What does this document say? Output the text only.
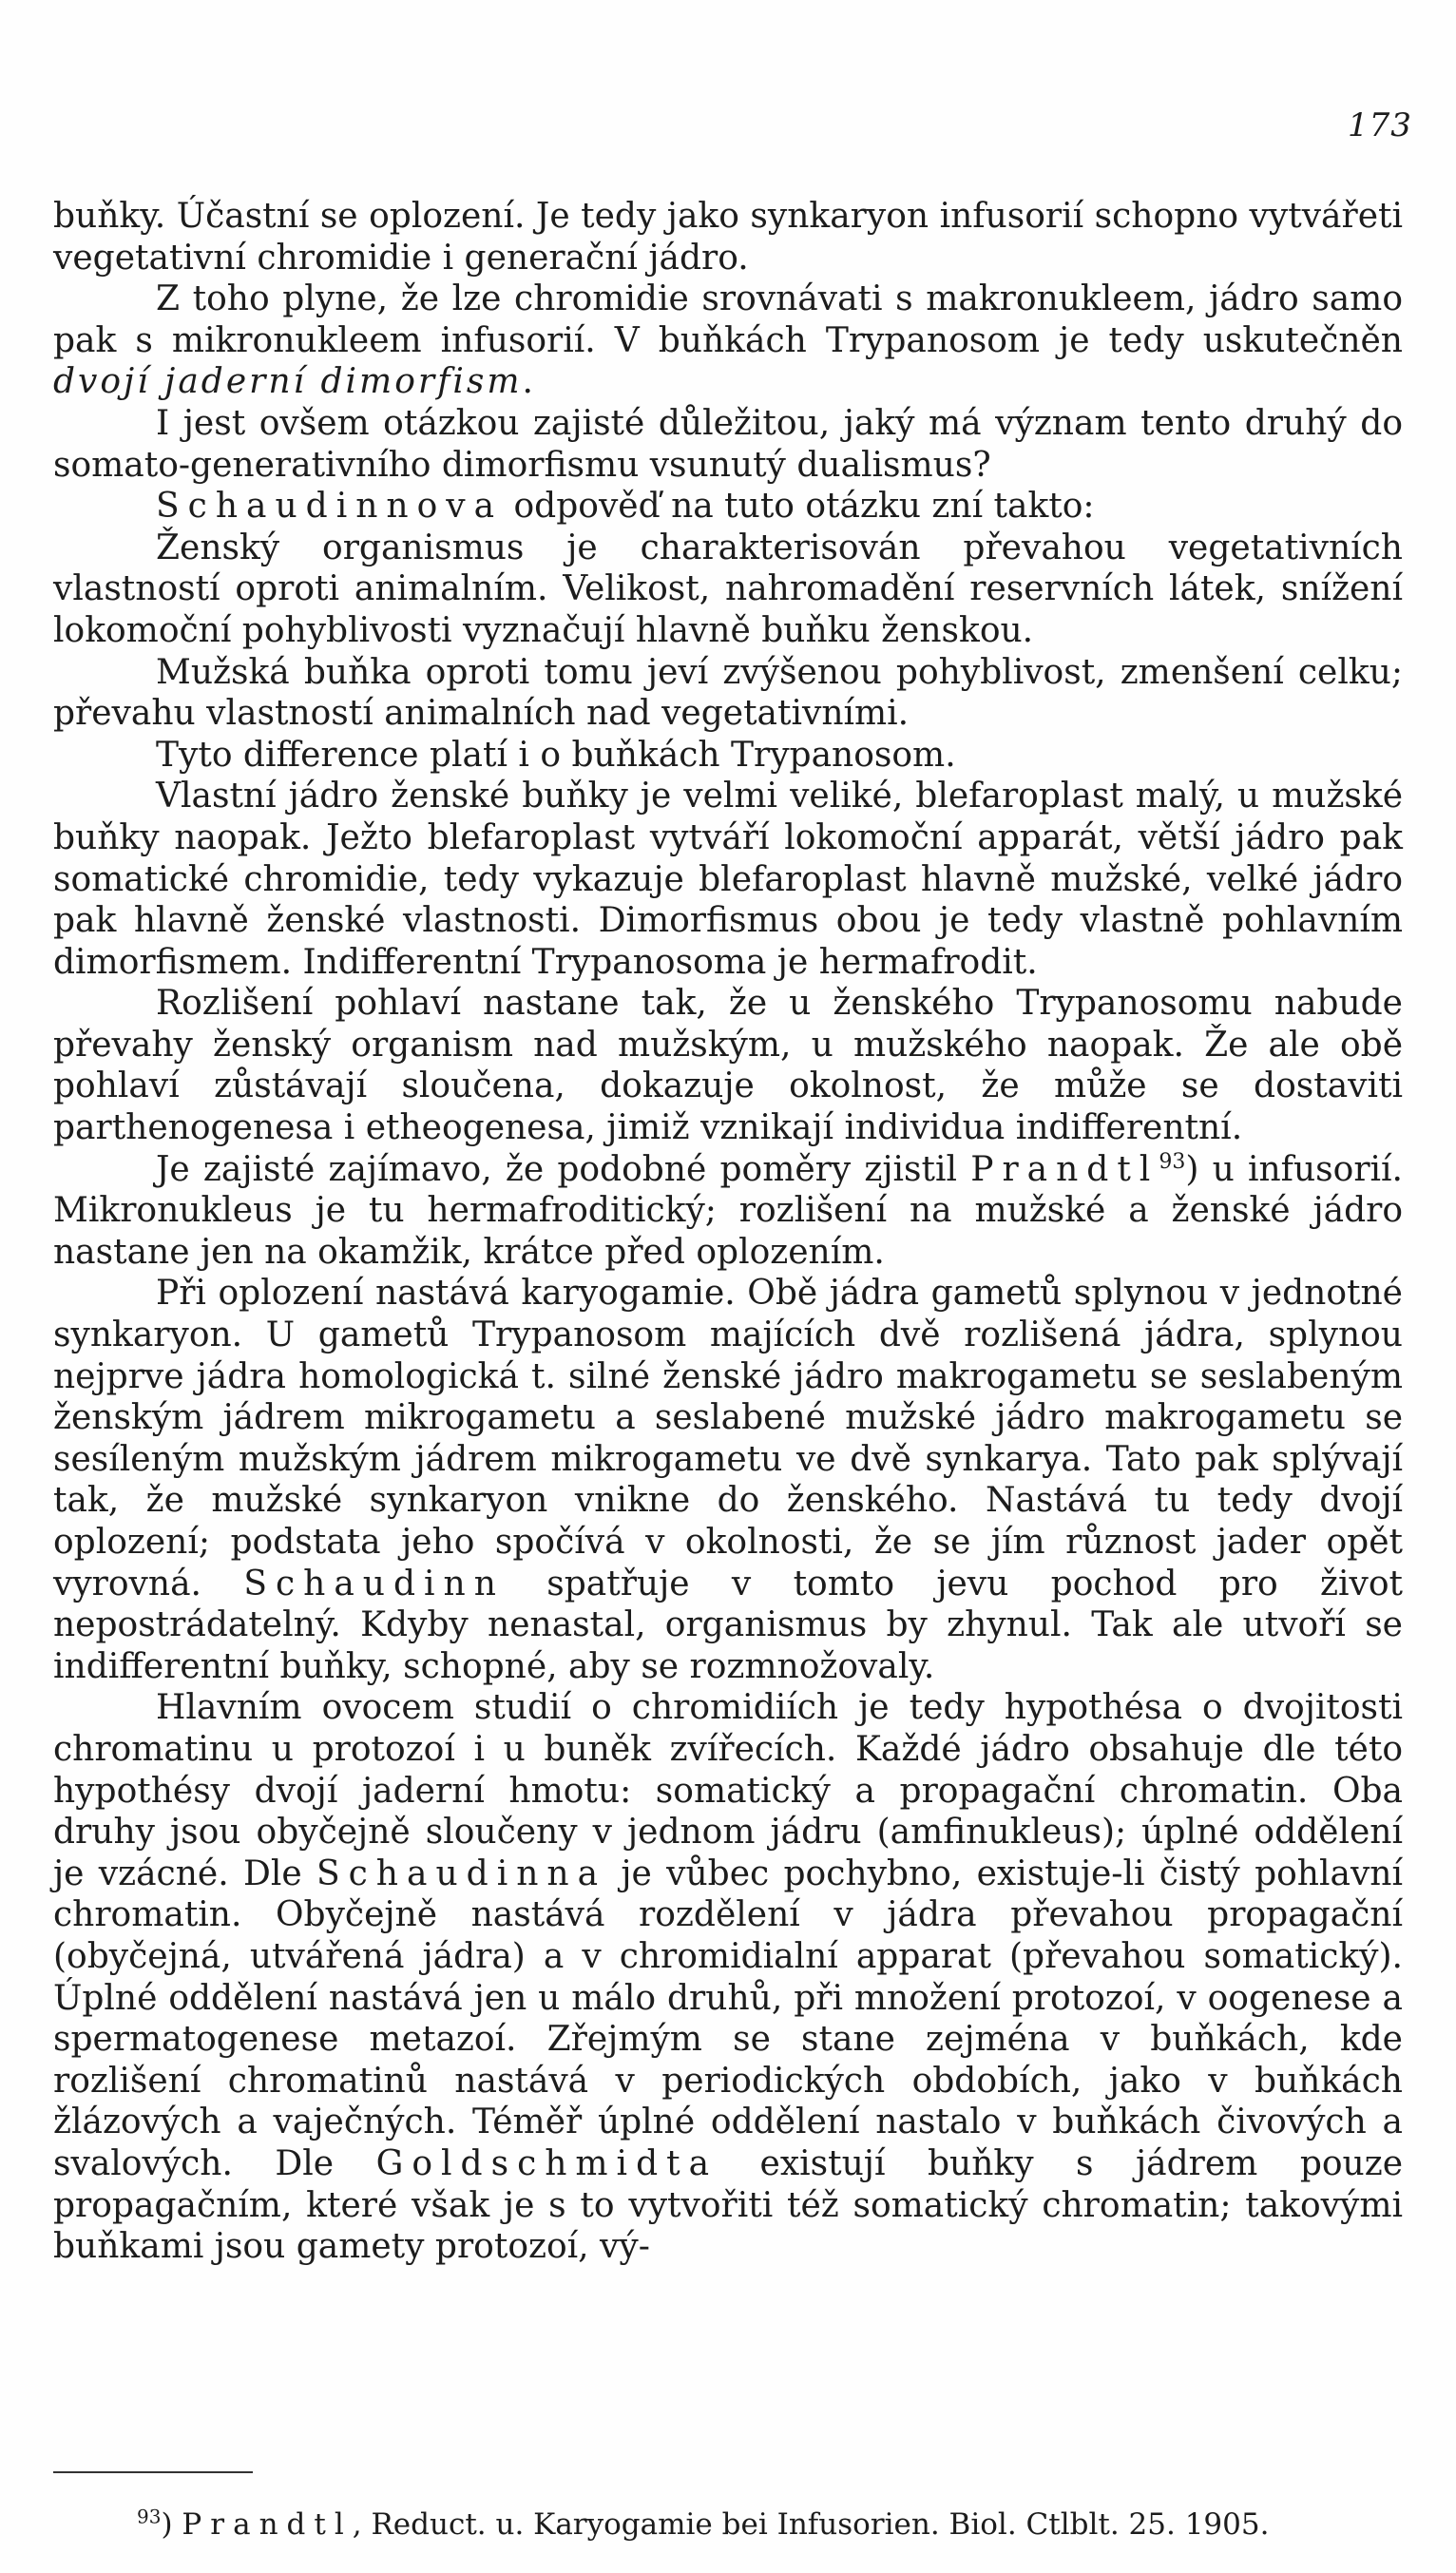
173

buňky. Účastní se oplození. Je tedy jako synkaryon infusorií schopno vytvářeti vegetativní chromidie i generační jádro.

Z toho plyne, že lze chromidie srovnávati s makronukleem, jádro samo pak s mikronukleem infusorií. V buňkách Trypanosom je tedy uskutečněn dvojí jaderní dimorfism.

I jest ovšem otázkou zajisté důležitou, jaký má význam tento druhý do somato-generativního dimorfismu vsunutý dualismus?

Schaudinnova odpověď na tuto otázku zní takto:

Ženský organismus je charakterisován převahou vegetativních vlastností oproti animalním. Velikost, nahromadění reservních látek, snížení lokomoční pohyblivosti vyznačují hlavně buňku ženskou.

Mužská buňka oproti tomu jeví zvýšenou pohyblivost, zmenšení celku; převahu vlastností animalních nad vegetativními.

Tyto difference platí i o buňkách Trypanosom.

Vlastní jádro ženské buňky je velmi veliké, blefaroplast malý, u mužské buňky naopak. Ježto blefaroplast vytváří lokomoční apparát, větší jádro pak somatické chromidie, tedy vykazuje blefaroplast hlavně mužské, velké jádro pak hlavně ženské vlastnosti. Dimorfismus obou je tedy vlastně pohlavním dimorfismem. Indifferentní Trypanosoma je hermafrodit.

Rozlišení pohlaví nastane tak, že u ženského Trypanosomu nabude převahy ženský organism nad mužským, u mužského naopak. Že ale obě pohlaví zůstávají sloučena, dokazuje okolnost, že může se dostaviti parthenogenesa i etheogenesa, jimiž vznikají individua indifferentní.

Je zajisté zajímavo, že podobné poměry zjistil Prandtl$^{93}$) u infusorií. Mikronukleus je tu hermafroditický; rozlišení na mužské a ženské jádro nastane jen na okamžik, krátce před oplozením.

Při oplození nastává karyogamie. Obě jádra gametů splynou v jednotné synkaryon. U gametů Trypanosom majících dvě rozlišená jádra, splynou nejprve jádra homologická t. silné ženské jádro makrogametu se seslabeným ženským jádrem mikrogametu a seslabené mužské jádro makrogametu se sesíleným mužským jádrem mikrogametu ve dvě synkarya. Tato pak splývají tak, že mužské synkaryon vnikne do ženského. Nastává tu tedy dvojí oplození; podstata jeho spočívá v okolnosti, že se jím různost jader opět vyrovná. Schaudinn spatřuje v tomto jevu pochod pro život nepostrádatelný. Kdyby nenastal, organismus by zhynul. Tak ale utvoří se indifferentní buňky, schopné, aby se rozmnožovaly.

Hlavním ovocem studií o chromidiích je tedy hypothésa o dvojitosti chromatinu u protozoí i u buněk zvířecích. Každé jádro obsahuje dle této hypothésy dvojí jaderní hmotu: somatický a propagační chromatin. Oba druhy jsou obyčejně sloučeny v jednom jádru (amfinukleus); úplné oddělení je vzácné. Dle Schaudinna je vůbec pochybno, existuje-li čistý pohlavní chromatin. Obyčejně nastává rozdělení v jádra převahou propagační (obyčejná, utvářená jádra) a v chromidialní apparat (převahou somatický). Úplné oddělení nastává jen u málo druhů, při množení protozoí, v oogenese a spermatogenese metazoí. Zřejmým se stane zejména v buňkách, kde rozlišení chromatinů nastává v periodických obdobích, jako v buňkách žlázových a vaječných. Téměř úplné oddělení nastalo v buňkách čivových a svalových. Dle Goldschmidta existují buňky s jádrem pouze propagačním, které však je s to vytvořiti též somatický chromatin; takovými buňkami jsou gamety protozoí, vý-

$^{93}$) Prandtl, Reduct. u. Karyogamie bei Infusorien. Biol. Ctlblt. 25. 1905.
